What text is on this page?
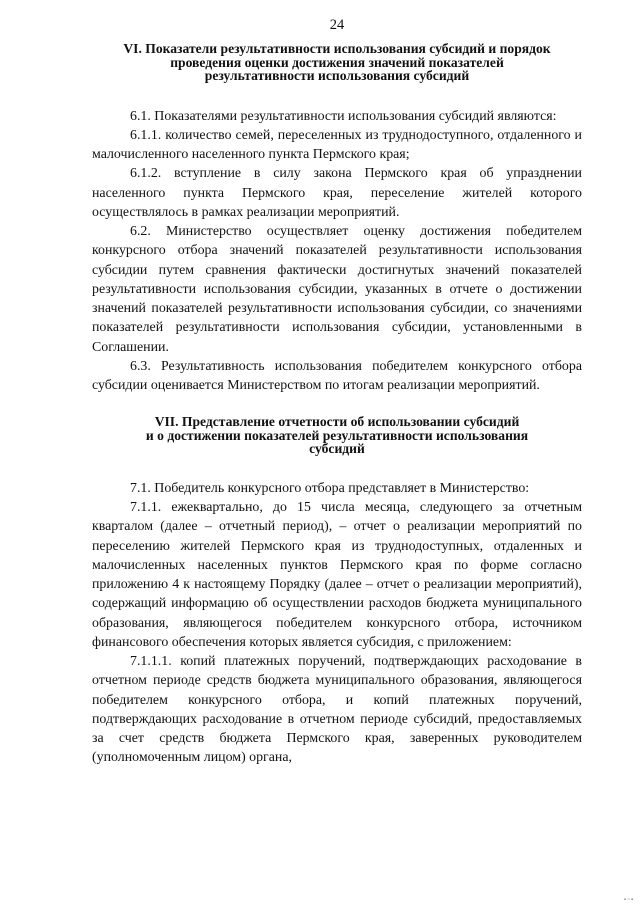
24
VI. Показатели результативности использования субсидий и порядок
проведения оценки достижения значений показателей
результативности использования субсидий

6.1. Показателями результативности использования субсидий являются:

6.1.1. количество семей, переселенных из труднодоступного, отдаленного и малочисленного населенного пункта Пермского края;

6.1.2. вступление в силу закона Пермского края об упразднении населенного пункта Пермского края, переселение жителей которого осуществлялось в рамках реализации мероприятий.

6.2. Министерство осуществляет оценку достижения победителем конкурсного отбора значений показателей результативности использования субсидии путем сравнения фактически достигнутых значений показателей результативности использования субсидии, указанных в отчете о достижении значений показателей результативности использования субсидии, со значениями показателей результативности использования субсидии, установленными в Соглашении.

6.3. Результативность использования победителем конкурсного отбора субсидии оценивается Министерством по итогам реализации мероприятий.

VII. Представление отчетности об использовании субсидий
и о достижении показателей результативности использования
субсидий

7.1. Победитель конкурсного отбора представляет в Министерство:

7.1.1. ежеквартально, до 15 числа месяца, следующего за отчетным кварталом (далее – отчетный период), – отчет о реализации мероприятий по переселению жителей Пермского края из труднодоступных, отдаленных и малочисленных населенных пунктов Пермского края по форме согласно приложению 4 к настоящему Порядку (далее – отчет о реализации мероприятий), содержащий информацию об осуществлении расходов бюджета муниципального образования, являющегося победителем конкурсного отбора, источником финансового обеспечения которых является субсидия, с приложением:

7.1.1.1. копий платежных поручений, подтверждающих расходование в отчетном периоде средств бюджета муниципального образования, являющегося победителем конкурсного отбора, и копий платежных поручений, подтверждающих расходование в отчетном периоде субсидий, предоставляемых за счет средств бюджета Пермского края, заверенных руководителем (уполномоченным лицом) органа,

▪▫▪
